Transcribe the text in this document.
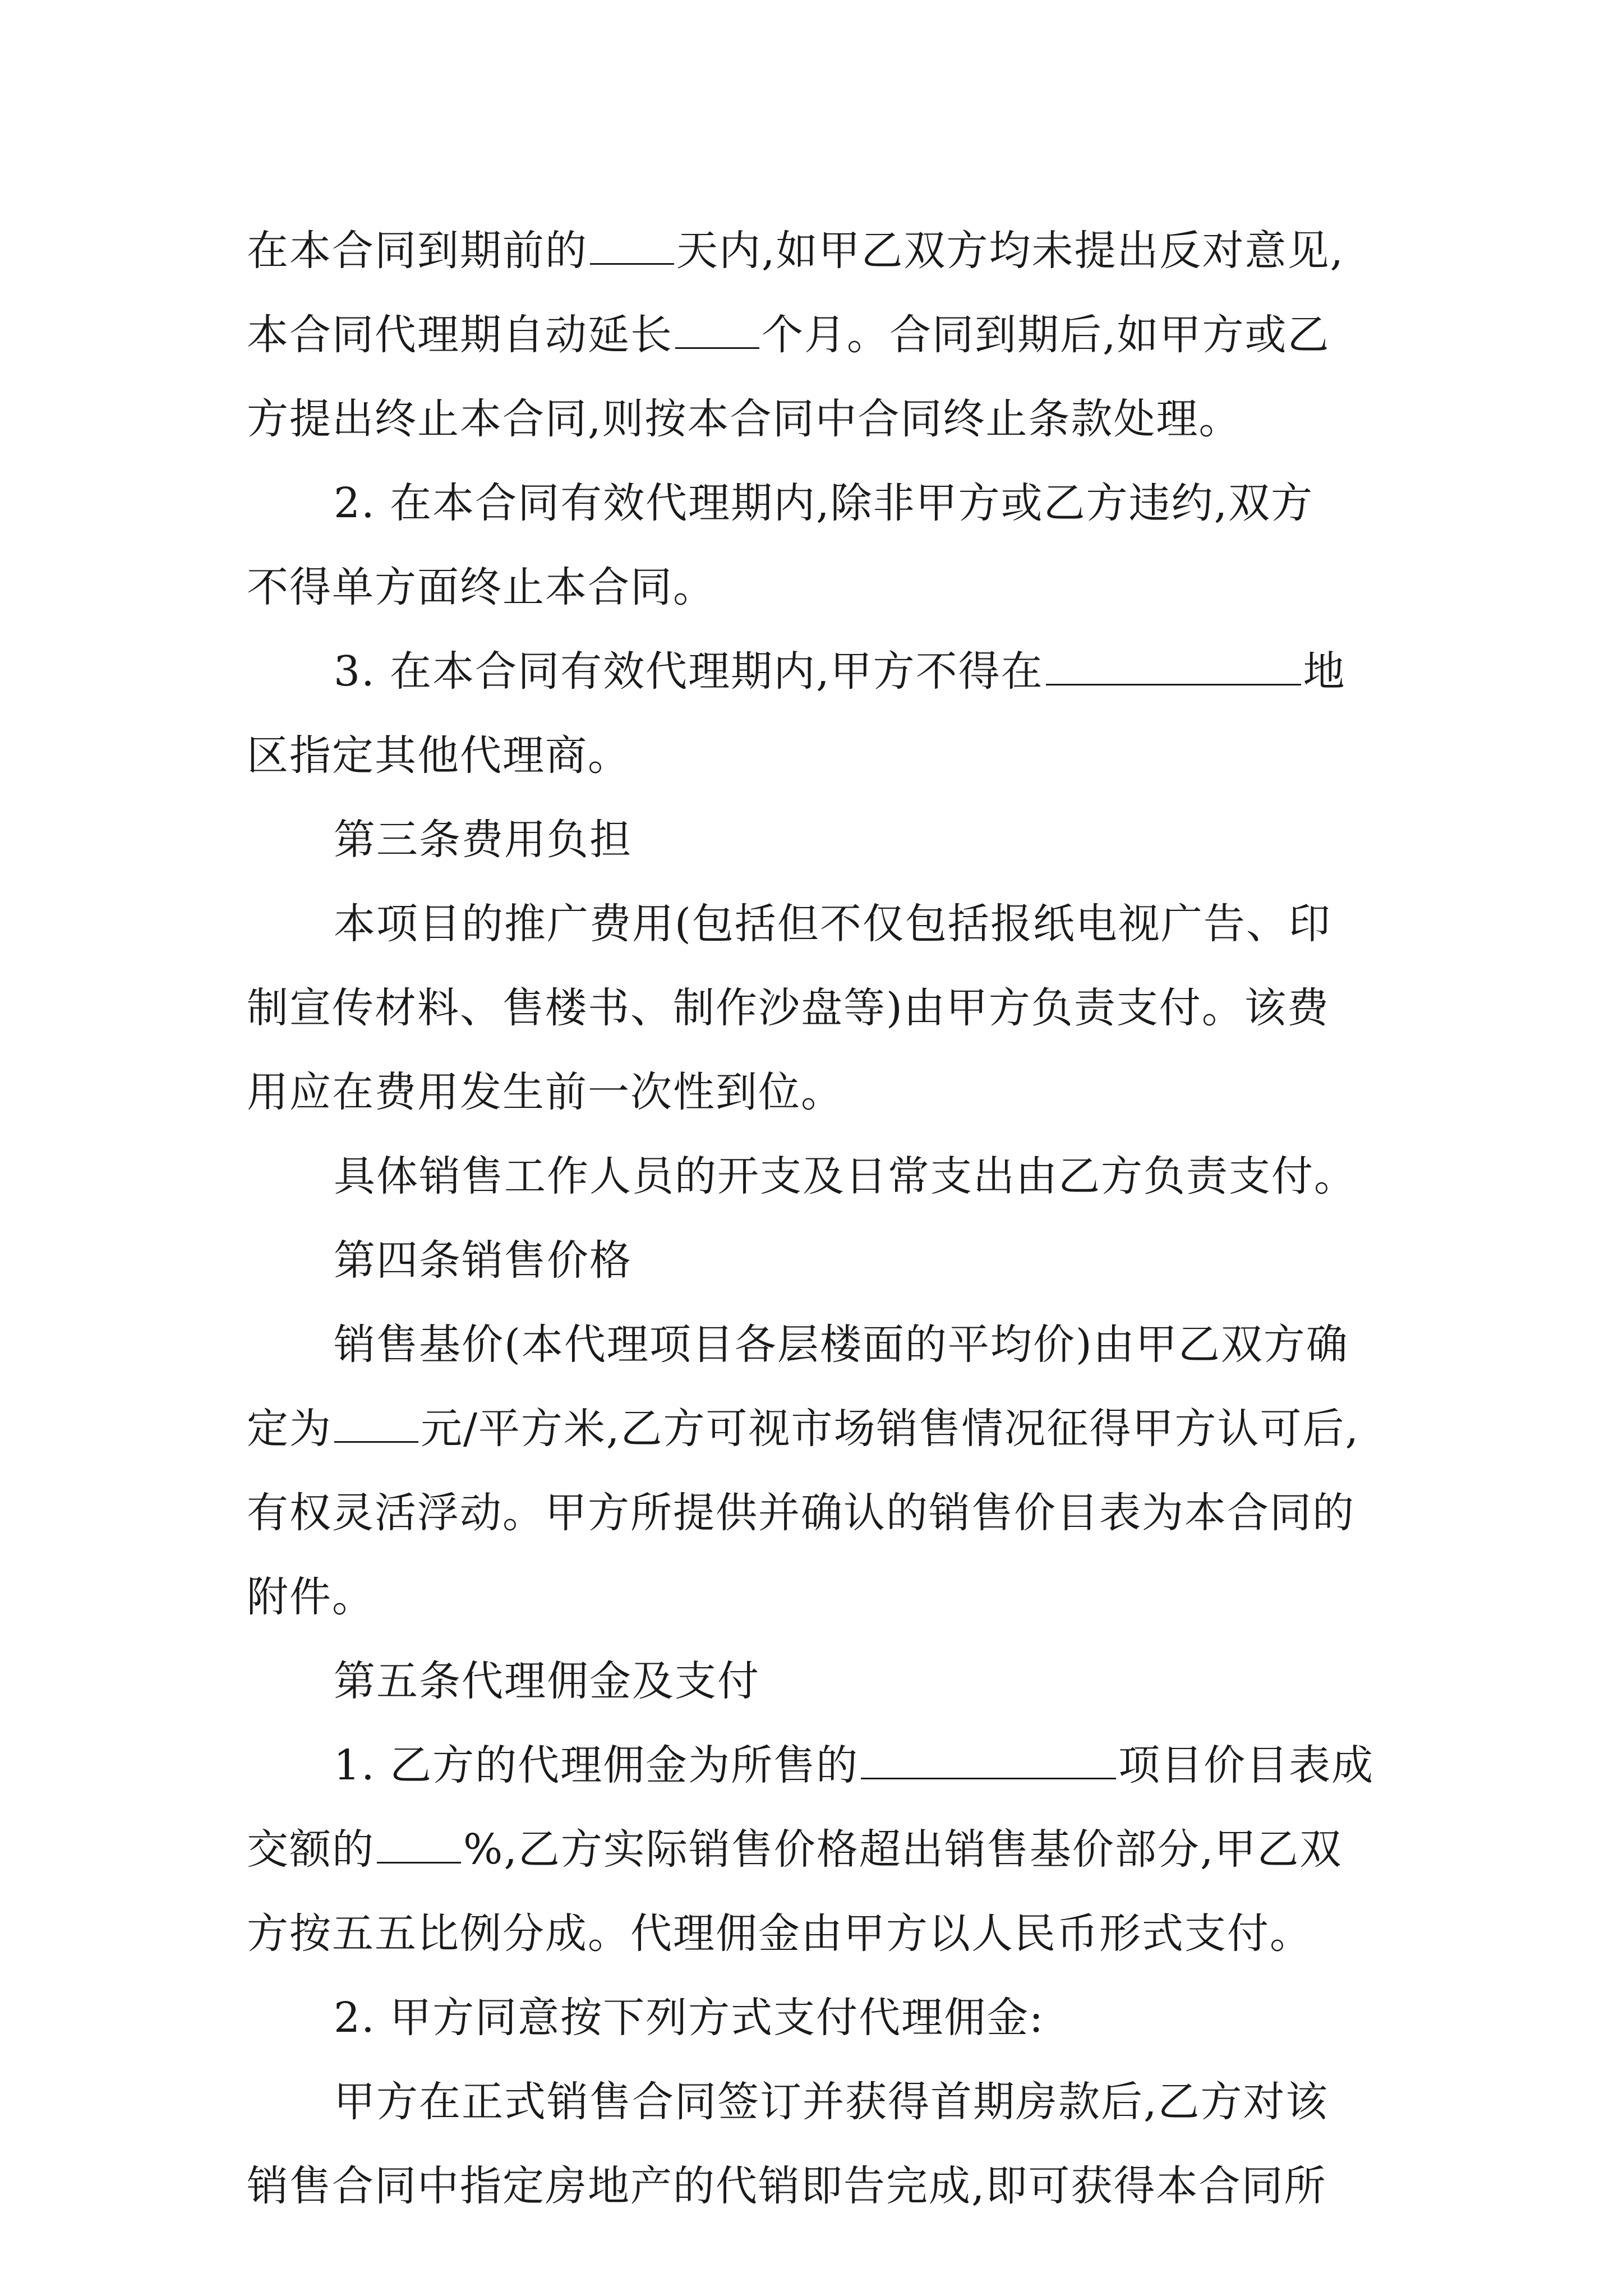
在本合同到期前的 天内,如甲乙双方均未提出反对意见,
本合同代理期自动延长 个月。合同到期后,如甲方或乙
方提出终止本合同,则按本合同中合同终止条款处理。
2. 在本合同有效代理期内,除非甲方或乙方违约,双方
不得单方面终止本合同。
3. 在本合同有效代理期内,甲方不得在	地
区指定其他代理商。
第三条费用负担
本项目的推广费用(包括但不仅包括报纸电视广告、印
制宣传材料、售楼书、制作沙盘等)由甲方负责支付。该费
用应在费用发生前一次性到位。
具体销售工作人员的开支及日常支出由乙方负责支付。
第四条销售价格
销售基价(本代理项目各层楼面的平均价)由甲乙双方确
定为 元/平方米,乙方可视市场销售情况征得甲方认可后,
有权灵活浮动。甲方所提供并确认的销售价目表为本合同的
附件。
第五条代理佣金及支付
1. 乙方的代理佣金为所售的	项目价目表成
交额的 %,乙方实际销售价格超出销售基价部分,甲乙双
方按五五比例分成。代理佣金由甲方以人民币形式支付。
2. 甲方同意按下列方式支付代理佣金:
甲方在正式销售合同签订并获得首期房款后,乙方对该
销售合同中指定房地产的代销即告完成,即可获得本合同所
